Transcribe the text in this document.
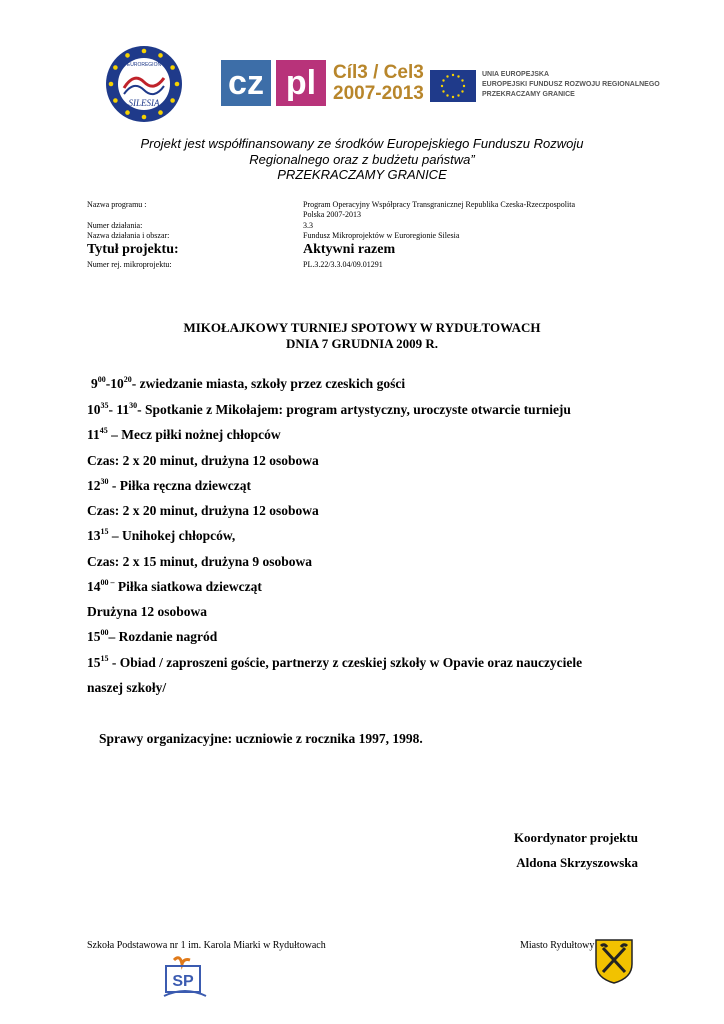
EUROREGION
SILESIA
cz pl Cíl3 / Cel3
2007-2013
UNIA EUROPEJSKA
EUROPEJSKI FUNDUSZ ROZWOJU REGIONALNEGO
PRZEKRACZAMY GRANICE
Projekt jest współfinansowany ze środków Europejskiego Funduszu Rozwoju
Regionalnego oraz z budżetu państwa”
PRZEKRACZAMY GRANICE
Nazwa programu :	Program Operacyjny Współpracy Transgranicznej Republika Czeska-Rzeczpospolita
Polska 2007-2013
Numer działania:	3.3
Nazwa działania i obszar:	Fundusz Mikroprojektów w Euroregionie Silesia
Tytuł projektu:	Aktywni razem
Numer rej. mikroprojektu:	PL.3.22/3.3.04/09.01291
MIKOŁAJKOWY TURNIEJ SPOTOWY W RYDUŁTOWACH
DNIA 7 GRUDNIA 2009 R.
$9^{00}-10^{20}-$ zwiedzanie miasta, szkoły przez czeskich gości
$10^{35}-$ $11^{30}-$ Spotkanie z Mikołajem: program artystyczny, uroczyste otwarcie turnieju
$11^{45}$ – Mecz piłki nożnej chłopców
Czas: 2 x 20 minut, drużyna 12 osobowa
$12^{30}$ - Piłka ręczna dziewcząt
Czas: 2 x 20 minut, drużyna 12 osobowa
$13^{15}$ – Unihokej chłopców,
Czas: 2 x 15 minut, drużyna 9 osobowa
$14^{00 -}$ Piłka siatkowa dziewcząt
Drużyna 12 osobowa
$15^{00}-$ Rozdanie nagród
$15^{15}$ - Obiad / zaproszeni goście, partnerzy z czeskiej szkoły w Opavie oraz nauczyciele
naszej szkoły/
Sprawy organizacyjne: uczniowie z rocznika 1997, 1998.
Koordynator projektu
Aldona Skrzyszowska
Szkoła Podstawowa nr 1 im. Karola Miarki w Rydułtowach	Miasto Rydułtowy
SP
